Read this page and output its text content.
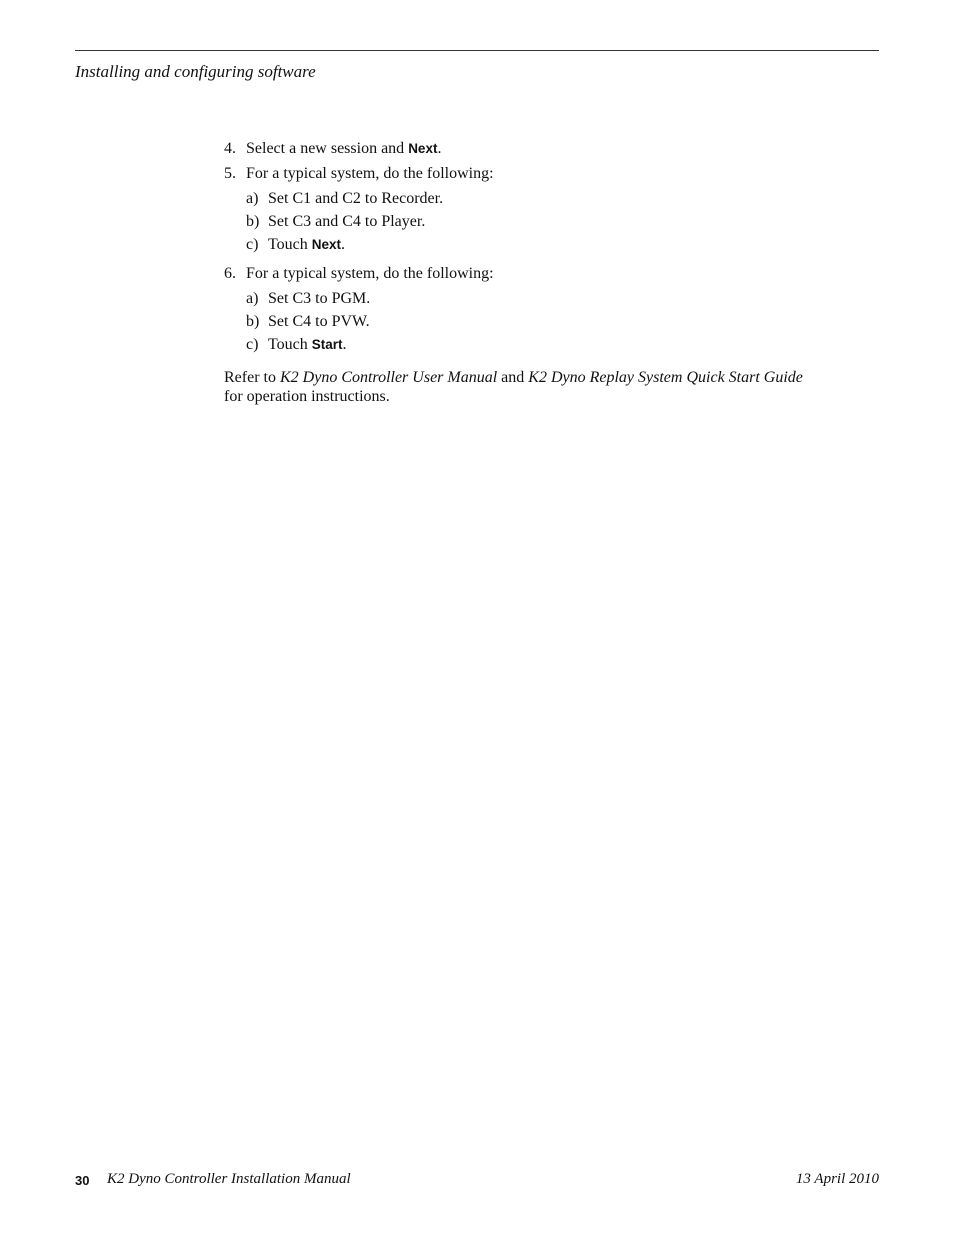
Installing and configuring software
4. Select a new session and Next.
5. For a typical system, do the following:
a) Set C1 and C2 to Recorder.
b) Set C3 and C4 to Player.
c) Touch Next.
6. For a typical system, do the following:
a) Set C3 to PGM.
b) Set C4 to PVW.
c) Touch Start.
Refer to K2 Dyno Controller User Manual and K2 Dyno Replay System Quick Start Guide for operation instructions.
30 K2 Dyno Controller Installation Manual	13 April 2010
